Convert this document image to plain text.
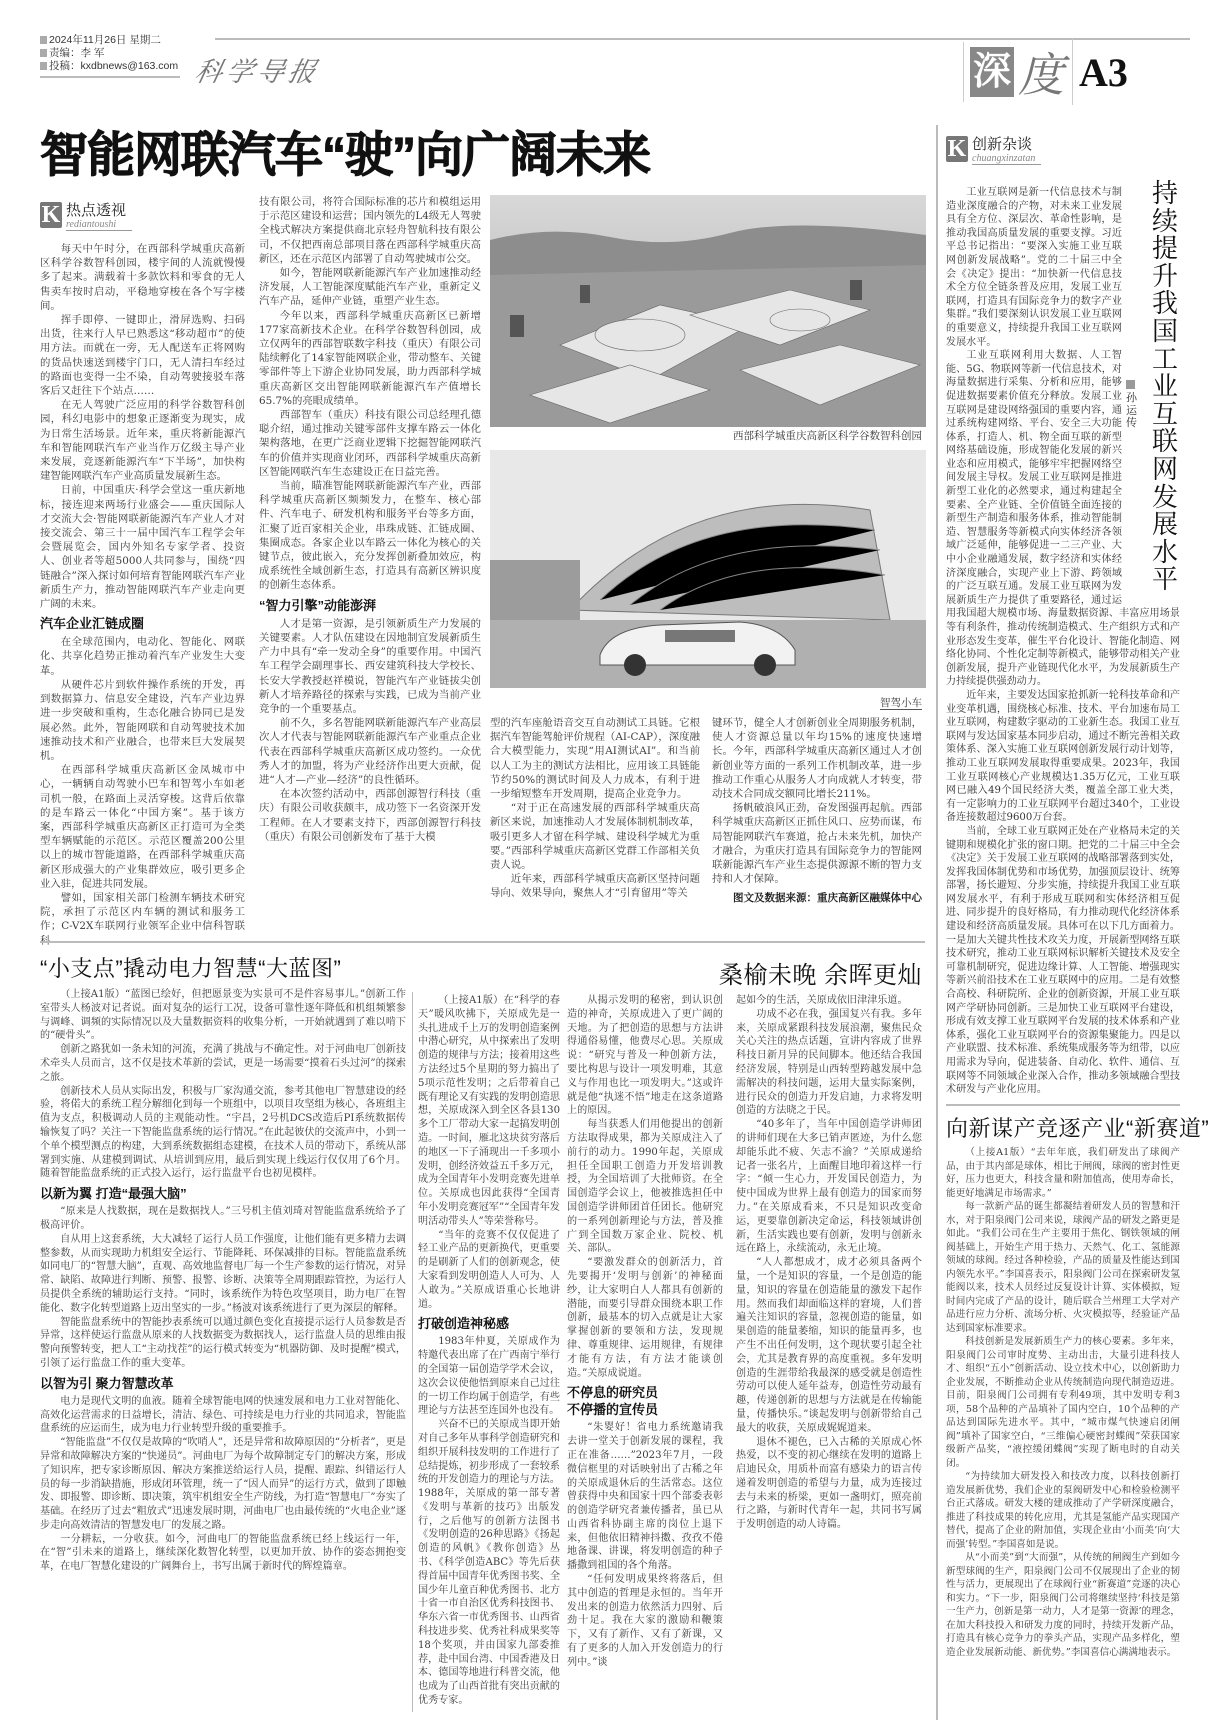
2024年11月26日 星期二
责编：李 军
投稿：kxdbnews@163.com 科学导报	深 度 A3
智能网联汽车“驶”向广阔未来
K 热点透视
rediantoushi

每天中午时分，在西部科学城重庆高新区科学谷数智科创园，楼宇间的人流就慢慢多了起来。满载着十多款饮料和零食的无人售卖车按时启动，平稳地穿梭在各个写字楼间。

挥手即停、一键即止，滑屏选购、扫码出货，往来行人早已熟悉这“移动超市”的使用方法。而就在一旁，无人配送车正将网购的货品快速送到楼宇门口，无人清扫车经过的路面也变得一尘不染，自动驾驶接驳车落客后又赶往下个站点……

在无人驾驶广泛应用的科学谷数智科创园，科幻电影中的想象正逐渐变为现实，成为日常生活场景。近年来，重庆将新能源汽车和智能网联汽车产业当作万亿级主导产业来发展，竞逐新能源汽车“下半场”，加快构建智能网联汽车产业高质量发展新生态。

日前，中国重庆·科学会堂这一重庆新地标，接连迎来两场行业盛会——重庆国际人才交流大会·智能网联新能源汽车产业人才对接交流会、第三十一届中国汽车工程学会年会暨展览会，国内外知名专家学者、投资人、创业者等超5000人共同参与，围绕“四链融合”深入探讨如何培育智能网联汽车产业新质生产力，推动智能网联汽车产业走向更广阔的未来。

汽车企业汇链成圈

在全球范围内，电动化、智能化、网联化、共享化趋势正推动着汽车产业发生大变革。

从硬件芯片到软件操作系统的开发，再到数据算力、信息安全建设，汽车产业边界进一步突破和重构，生态化融合协同已是发展必然。此外，智能网联和自动驾驶技术加速推动技术和产业融合，也带来巨大发展契机。

在西部科学城重庆高新区金凤城市中心，一辆辆自动驾驶小巴车和智驾小车如老司机一般，在路面上灵活穿梭。这背后依靠的是车路云一体化“中国方案”。基于该方案，西部科学城重庆高新区正打造可为全类型车辆赋能的示范区。示范区覆盖200公里以上的城市智能道路，在西部科学城重庆高新区形成强大的产业集群效应，吸引更多企业入驻，促进共同发展。

譬如，国家相关部门检测车辆技术研究院，承担了示范区内车辆的测试和服务工作；C-V2X车联网行业领军企业中信科智联

技有限公司，将符合国际标准的芯片和模组运用于示范区建设和运营；国内领先的L4级无人驾驶全栈式解决方案提供商北京轻舟智航科技有限公司，不仅把西南总部项目落在西部科学城重庆高新区，还在示范区内部署了自动驾驶城市公交。

如今，智能网联新能源汽车产业加速推动经济发展，人工智能深度赋能汽车产业，重新定义汽车产品，延伸产业链，重塑产业生态。

今年以来，西部科学城重庆高新区已新增177家高新技术企业。在科学谷数智科创园，成立仅两年的西部智联数字科技（重庆）有限公司陆续孵化了14家智能网联企业，带动整车、关键零部件等上下游企业协同发展，助力西部科学城重庆高新区交出智能网联新能源汽车产值增长65.7%的亮眼成绩单。

西部智车（重庆）科技有限公司总经理孔德聪介绍，通过推动关键零部件支撑车路云一体化架构落地，在更广泛商业逻辑下挖掘智能网联汽车的价值并实现商业闭环，西部科学城重庆高新区智能网联汽车生态建设正在日益完善。

当前，瞄准智能网联新能源汽车产业，西部科学城重庆高新区频频发力，在整车、核心部件、汽车电子、研发机构和服务平台等多方面，汇聚了近百家相关企业，串珠成链、汇链成圈、集圈成态。各家企业以车路云一体化为核心的关键节点，彼此嵌入，充分发挥创新叠加效应，构成系统性全域创新生态，打造具有高新区辨识度的创新生态体系。

“智力引擎”动能澎湃

人才是第一资源，是引领新质生产力发展的关键要素。人才队伍建设在因地制宜发展新质生产力中具有“牵一发动全身”的重要作用。中国汽车工程学会副理事长、西安建筑科技大学校长、长安大学教授赵祥模说，智能汽车产业链拔尖创新人才培养路径的探索与实践，已成为当前产业竞争的一个重要基点。

前不久，多名智能网联新能源汽车产业高层次人才代表与智能网联新能源汽车产业重点企业代表在西部科学城重庆高新区成功签约。一众优秀人才的加盟，将为产业经济作出更大贡献，促进“人才—产业—经济”的良性循环。

在本次签约活动中，西部创源智行科技（重庆）有限公司收获颇丰，成功签下一名资深开发工程师。在人才要素支持下，西部创源智行科技（重庆）有限公司创新发布了基于大模

西部科学城重庆高新区科学谷数智科创园
智驾小车

型的汽车座舱语音交互自动测试工具链。它根据汽车智能驾舱评价规程（AI-CAP），深度融合大模型能力，实现“用AI测试AI”。和当前以人工为主的测试方法相比，应用该工具链能节约50%的测试时间及人力成本，有利于进一步缩短整车开发周期，提高企业竞争力。

“对于正在高速发展的西部科学城重庆高新区来说，加速推动人才发展体制机制改革，吸引更多人才留在科学城、建设科学城尤为重要。”西部科学城重庆高新区党群工作部相关负责人说。

近年来，西部科学城重庆高新区坚持问题导向、效果导向，聚焦人才“引育留用”等关

键环节，健全人才创新创业全周期服务机制，使人才资源总量以年均15%的速度快速增长。今年，西部科学城重庆高新区通过人才创新创业等方面的一系列工作机制改革，进一步推动工作重心从服务人才向成就人才转变，带动技术合同成交额同比增长211%。

扬帆破浪风正劲，奋发图强再起航。西部科学城重庆高新区正抓住风口、应势而谋，布局智能网联汽车赛道，抢占未来先机，加快产才融合，为重庆打造具有国际竞争力的智能网联新能源汽车产业生态提供源源不断的智力支持和人才保障。

图文及数据来源：重庆高新区融媒体中心
K 创新杂谈
chuangxinzatan
持续提升我国工业互联网发展水平
孙运传

工业互联网是新一代信息技术与制造业深度融合的产物，对未来工业发展具有全方位、深层次、革命性影响，是推动我国高质量发展的重要支撑。习近平总书记指出：“要深入实施工业互联网创新发展战略”。党的二十届三中全会《决定》提出：“加快新一代信息技术全方位全链条普及应用，发展工业互联网，打造具有国际竞争力的数字产业集群。”我们要深刻认识发展工业互联网的重要意义，持续提升我国工业互联网发展水平。

工业互联网利用大数据、人工智能、5G、物联网等新一代信息技术，对海量数据进行采集、分析和应用，能够促进数据要素价值充分释放。发展工业互联网是建设网络强国的重要内容，通过系统构建网络、平台、安全三大功能体系，打造人、机、物全面互联的新型网络基础设施，形成智能化发展的新兴业态和应用模式，能够牢牢把握网络空间发展主导权。发展工业互联网是推进新型工业化的必然要求，通过构建起全要素、全产业链、全价值链全面连接的新型生产制造和服务体系，推动智能制造、智慧服务等新模式向实体经济各领域广泛延伸，能够促进一二三产业、大中小企业融通发展，数字经济和实体经济深度融合，实现产业上下游、跨领域的广泛互联互通。发展工业互联网为发展新质生产力提供了重要路径，通过运用我国超大规模市场、海量数据资源、丰富应用场景等有利条件，推动传统制造模式、生产组织方式和产业形态发生变革，催生平台化设计、智能化制造、网络化协同、个性化定制等新模式，能够带动相关产业创新发展，提升产业链现代化水平，为发展新质生产力持续提供强劲动力。

近年来，主要发达国家抢抓新一轮科技革命和产业变革机遇，围绕核心标准、技术、平台加速布局工业互联网，构建数字驱动的工业新生态。我国工业互联网与发达国家基本同步启动，通过不断完善相关政策体系、深入实施工业互联网创新发展行动计划等，推动工业互联网发展取得重要成果。2023年，我国工业互联网核心产业规模达1.35万亿元，工业互联网已融入49个国民经济大类，覆盖全部工业大类，有一定影响力的工业互联网平台超过340个，工业设备连接数超过9600万台套。

当前，全球工业互联网正处在产业格局未定的关键期和规模化扩张的窗口期。把党的二十届三中全会《决定》关于发展工业互联网的战略部署落到实处，发挥我国体制优势和市场优势，加强顶层设计、统筹部署，扬长避短、分步实施，持续提升我国工业互联网发展水平，有利于形成互联网和实体经济相互促进、同步提升的良好格局，有力推动现代化经济体系建设和经济高质量发展。具体可在以下几方面着力。一是加大关键共性技术攻关力度，开展新型网络互联技术研究，推动工业互联网标识解析关键技术及安全可靠机制研究，促进边缘计算、人工智能、增强现实等新兴前沿技术在工业互联网中的应用。二是有效整合高校、科研院所、企业的创新资源，开展工业互联网产学研协同创新。三是加快工业互联网平台建设，形成有效支撑工业互联网平台发展的技术体系和产业体系，强化工业互联网平台的资源集聚能力。四是以产业联盟、技术标准、系统集成服务等为纽带，以应用需求为导向，促进装备、自动化、软件、通信、互联网等不同领域企业深入合作，推动多领域融合型技术研发与产业化应用。

向新谋产竞逐产业“新赛道”

（上接A1版）“去年年底，我们研发出了球阀产品，由于其内部是球体，相比于闸阀，球阀的密封性更好，压力也更大，科技含量和附加值高，使用寿命长，能更好地满足市场需求。”

每一款新产品的诞生都凝结着研发人员的智慧和汗水，对于阳泉阀门公司来说，球阀产品的研发之路更是如此。“我们公司在生产主要用于焦化、钢铁领域的闸阀基础上，开始生产用于热力、天然气、化工、氢能源领域的球阀。经过各种检验，产品的质量及性能达到国内领先水平。”李国喜表示，阳泉阀门公司在探索研发氢能阀以来，技术人员经过反复设计计算、实体模拟，短时间内完成了产品的设计，随后联合兰州理工大学对产品进行应力分析、流场分析、火灾模拟等，经验证产品达到国家标准要求。

科技创新是发展新质生产力的核心要素。多年来，阳泉阀门公司审时度势、主动出击，大量引进科技人才、组织“五小”创新活动、设立技术中心，以创新助力企业发展，不断推动企业从传统制造向现代制造迈进。目前，阳泉阀门公司拥有专利49项，其中发明专利3项，58个品种的产品填补了国内空白，10个品种的产品达到国际先进水平。其中，“城市煤气快速启闭闸阀”填补了国家空白，“三维偏心硬密封蝶阀”荣获国家级新产品奖，“液控缓闭蝶阀”实现了断电时的自动关闭。

“为持续加大研发投入和技改力度，以科技创新打造发展新优势，我们企业的泵阀研发中心和检验检测平台正式落成。研发大楼的建成推动了产学研深度融合，推进了科技成果的转化应用，尤其是氢能产品实现国产替代，提高了企业的附加值，实现企业由‘小而美’向‘大而强’转型。”李国喜如是说。

从“小而美”到“大而强”，从传统的闸阀生产到如今新型球阀的生产，阳泉阀门公司不仅展现出了企业的韧性与活力，更展现出了在球阀行业“新赛道”竞逐的决心和实力。“下一步，阳泉阀门公司将继续坚持‘科技是第一生产力，创新是第一动力，人才是第一资源’的理念，在加大科技投入和研发力度的同时，持续开发新产品，打造具有核心竞争力的拳头产品，实现产品多样化，塑造企业发展新动能、新优势。”李国喜信心满满地表示。

“小支点”撬动电力智慧“大蓝图”

（上接A1版）“蓝图已绘好，但把愿景变为实景可不是件容易事儿。”创新工作室带头人杨波对记者说。面对复杂的运行工况，设备可靠性逐年降低和机组频繁参与调峰、调频的实际情况以及大量数据资料的收集分析，一开始就遇到了难以啃下的“硬骨头”。

创新之路犹如一条未知的河流，充满了挑战与不确定性。对于河曲电厂创新技术牵头人员而言，这不仅是技术革新的尝试，更是一场需要“摸着石头过河”的探索之旅。

创新技术人员从实际出发，积极与厂家沟通交流，参考其他电厂智慧建设的经验，将偌大的系统工程分解细化到每一个班组中，以项目攻坚组为核心，各班组主值为支点，积极调动人员的主观能动性。“宇昌，2号机DCS改造后PI系统数据传输恢复了吗？关注一下智能监盘系统的运行情况。”在此起彼伏的交流声中，小到一个单个模型测点的构建，大到系统数据组态建模，在技术人员的带动下，系统从部署到实施、从建模到调试、从培训到应用，最后到实现上线运行仅仅用了6个月。随着智能监盘系统的正式投入运行，运行监盘平台也初见模样。

以新为翼 打造“最强大脑”

“原来是人找数据，现在是数据找人。”三号机主值刘琦对智能监盘系统给予了极高评价。

自从用上这套系统，大大减轻了运行人员工作强度，让他们能有更多精力去调整参数，从而实现助力机组安全运行、节能降耗、环保减排的目标。智能监盘系统如同电厂的“智慧大脑”，直观、高效地监督电厂每一个生产参数的运行情况，对异常、缺陷、故障进行判断、预警、报警、诊断、决策等全周期跟踪管控，为运行人员提供全系统的辅助运行支持。“同时，该系统作为特色攻坚项目，助力电厂在智能化、数字化转型道路上迈出坚实的一步。”杨波对该系统进行了更为深层的解释。

智能监盘系统中的智能抄表系统可以通过颜色变化直接提示运行人员参数是否异常，这样使运行监盘从原来的人找数据变为数据找人，运行监盘人员的思维由报警向预警转变，把人工“主动找茬”的运行模式转变为“机器防御、及时提醒”模式，引领了运行监盘工作的重大变革。

以智为引 聚力智慧改革

电力是现代文明的血液。随着全球智能电网的快速发展和电力工业对智能化、高效化运营需求的日益增长，清洁、绿色、可持续是电力行业的共同追求，智能监盘系统的应运而生，成为电力行业转型升级的重要推手。

“智能监盘”不仅仅是故障的“吹哨人”，还是异常和故障原因的“分析者”，更是异常和故障解决方案的“快递员”。河曲电厂为每个故障制定专门的解决方案，形成了知识库，把专家诊断原因、解决方案推送给运行人员，提醒、跟踪、纠错运行人员的每一步消缺措施，形成闭环管理，统一了“因人而异”的运行方式，做到了即触发、即报警、即诊断、即决策，筑牢机组安全生产防线，为打造“智慧电厂”夯实了基础。在经历了过去“粗放式”迅速发展时期，河曲电厂也由最传统的“火电企业”逐步走向高效清洁的智慧发电厂的发展之路。

一分耕耘，一分收获。如今，河曲电厂的智能监盘系统已经上线运行一年，在“智”引未来的道路上，继续深化数智化转型，以更加开放、协作的姿态拥抱变革，在电厂智慧化建设的广阔舞台上，书写出属于新时代的辉煌篇章。

桑榆未晚 余晖更灿

（上接A1版）在“科学的春天”暖风吹拂下，关原成先是一头扎进成千上万的发明创造案例中潜心研究，从中探索出了发明创造的规律与方法；接着用这些方法经过5个星期的努力搞出了5项示范性发明；之后带着自己既有理论又有实践的发明创造思想，关原成深入到全区各县130多个工厂带动大家一起搞发明创造。一时间，雁北这块贫穷落后的地区一下子涌现出一千多项小发明，创经济效益五千多万元，成为全国青年小发明竞赛先进单位。关原成也因此获得“全国青年小发明竞赛冠军”“全国青年发明活动带头人”等荣誉称号。

“当年的竞赛不仅仅促进了轻工业产品的更新换代，更重要的是刷新了人们的创新观念，使大家看到发明创造人人可为、人人敢为。”关原成语重心长地讲道。

打破创造神秘感

1983年仲夏，关原成作为特邀代表出席了在广西南宁举行的全国第一届创造学学术会议，这次会议使他悟到原来自己过往的一切工作均属于创造学，有些理论与方法甚至连国外也没有。

兴奋不已的关原成当即开始对自己多年从事科学创造研究和组织开展科技发明的工作进行了总结提炼，初步形成了一套较系统的开发创造力的理论与方法。1988年，关原成的第一部专著《发明与革新的技巧》出版发行，之后他写的创新方法图书《发明创造的26种思路》《扬起创造的风帆》《教你创造》丛书、《科学创造ABC》等先后获得首届中国青年优秀图书奖、全国少年儿童百种优秀图书、北方十省一市自治区优秀科技图书、华东六省一市优秀图书、山西省科技进步奖、优秀社科成果奖等18个奖项，并由国家九部委推荐，赴中国台湾、中国香港及日本、德国等地进行科普交流，他也成为了山西首批有突出贡献的优秀专家。

从揭示发明的秘密，到认识创造的神奇，关原成进入了更广阔的天地。为了把创造的思想与方法讲得通俗易懂，他费尽心思。关原成说：“研究与普及一种创新方法，要比构思与设计一项发明难，其意义与作用也比一项发明大。”这或许就是他“执迷不悟”地走在这条道路上的原因。

每当获悉人们用他提出的创新方法取得成果，都为关原成注入了前行的动力。1990年起，关原成担任全国职工创造力开发培训教授，为全国培训了大批师资。在全国创造学会议上，他被推选担任中国创造学讲师团首任团长。他研究的一系列创新理论与方法，普及推广到全国数万家企业、院校、机关、部队。

“要激发群众的创新活力，首先要揭开‘发明与创新’的神秘面纱，让大家明白人人都具有创新的潜能，而要引导群众围绕本职工作创新，最基本的切入点就是让大家掌握创新的要领和方法，发现规律、尊重规律、运用规律，有规律才能有方法，有方法才能谈创造。”关原成说道。

不停息的研究员
不停播的宣传员

“朱婴好！省电力系统邀请我去讲一堂关于创新发展的课程，我正在准备……”2023年7月，一段微信框里的对话映射出了古稀之年的关原成退休后的生活常态。这位曾获得中央和国家十四个部委表彰的创造学研究者兼传播者，虽已从山西省科协副主席的岗位上退下来，但他依旧精神抖擞、孜孜不倦地备课、讲课，将发明创造的种子播撒到祖国的各个角落。

“任何发明成果终将落后，但其中创造的哲理是永恒的。当年开发出来的创造力依然活力四射、后劲十足。我在大家的激励和鞭策下，又有了新作、又有了新课，又有了更多的人加入开发创造力的行列中。”谈

起如今的生活，关原成依旧津津乐道。

功成不必在我，强国复兴有我。多年来，关原成紧跟科技发展浪潮，聚焦民众关心关注的热点话题，宣讲内容成了世界科技日新月异的民间脚本。他还结合我国经济发展，特别是山西转型跨越发展中急需解决的科技问题，运用大量实际案例，进行民众的创造力开发启迪，力求将发明创造的方法晓之于民。

“40多年了，当年中国创造学讲师团的讲师们现在大多已销声匿迹，为什么您却能乐此不疲、矢志不渝？”关原成递给记者一张名片，上面醒目地印着这样一行字：“倾一生心力，开发国民创造力，为使中国成为世界上最有创造力的国家而努力。”在关原成看来，不只是知识改变命运，更要靠创新决定命运，科技领域讲创新，生活实践也要有创新，发明与创新永远在路上，永续流动，永无止境。

“人人都想成才，成才必须具备两个量，一个是知识的容量，一个是创造的能量，知识的容量在创造能量的激发下起作用。然而我们却面临这样的窘境，人们普遍关注知识的容量，忽视创造的能量，如果创造的能量萎缩，知识的能量再多，也产生不出任何发明，这个现状要引起全社会，尤其是教育界的高度重视。多年发明创造的生涯带给我最深的感受就是创造性劳动可以使人延年益寿，创造性劳动最有趣，传递创新的思想与方法就是在传输能量，传播快乐。”谈起发明与创新带给自己最大的收获，关原成娓娓道来。

退休不褪色，已入古稀的关原成心怀热爱，以不变的初心继续在发明的道路上启迪民众，用质朴而富有感染力的语言传递着发明创造的希望与力量，成为连接过去与未来的桥梁，更如一盏明灯，照亮前行之路，与新时代青年一起，共同书写属于发明创造的动人诗篇。
